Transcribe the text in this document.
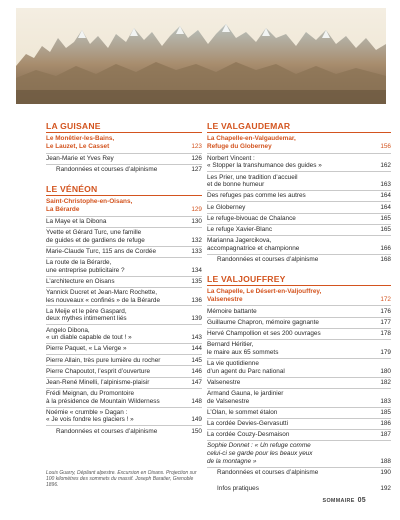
LA GUISANE
Le Monêtier-les-Bains,
Le Lauzet, Le Casset	123
Jean-Marie et Yves Rey	126
Randonnées et courses d’alpinisme	127
LE VÉNÉON
Saint-Christophe-en-Oisans,
La Bérarde	129
La Maye et la Dibona	130
Yvette et Gérard Turc, une famille
de guides et de gardiens de refuge	132
Marie-Claude Turc, 115 ans de Cordée	133
La route de la Bérarde,
une entreprise publicitaire ?	134
L’architecture en Oisans	135
Yannick Ducret et Jean-Marc Rochette,
les nouveaux « confinés » de la Bérarde	136
La Meije et le père Gaspard,
deux mythes intimement liés	139
Angelo Dibona,
« un diable capable de tout ! »	143
Pierre Paquet, « La Vierge »	144
Pierre Allain, très pure lumière du rocher	145
Pierre Chapoutot, l’esprit d’ouverture	146
Jean-René Minelli, l’alpinisme-plaisir	147
Frédi Meignan, du Promontoire
à la présidence de Mountain Wilderness	148
Noémie « crumble » Dagan :
« Je vois fondre les glaciers ! »	149
Randonnées et courses d’alpinisme	150
Louis Guarry, Dépliant alpestre. Excursion en Oisans. Projection sur 100 kilomètres des sommets du massif. Joseph Baratier, Grenoble 1896.
LE VALGAUDEMAR
La Chapelle-en-Valgaudemar,
Refuge du Globerney	156
Norbert Vincent :
« Stopper la transhumance des guides »	162
Les Prier, une tradition d’accueil
et de bonne humeur	163
Des refuges pas comme les autres	164
Le Globerney	164
Le refuge-bivouac de Chalance	165
Le refuge Xavier-Blanc	165
Marianna Jagercikova,
accompagnatrice et championne	166
Randonnées et courses d’alpinisme	168
LE VALJOUFFREY
La Chapelle, Le Désert-en-Valjouffrey,
Valsenestre	172
Mémoire battante	176
Guillaume Chapron, mémoire gagnante	177
Hervé Champollion et ses 200 ouvrages	178
Bernard Héritier,
le maire aux 65 sommets	179
La vie quotidienne
d’un agent du Parc national	180
Valsenestre	182
Armand Gauna, le jardinier
de Valsenestre	183
L’Olan, le sommet étalon	185
La cordée Devies-Gervasutti	186
La cordée Couzy-Desmaison	187
Sophie Donnet : « Un refuge comme
celui-ci se garde pour les beaux yeux
de la montagne »	188
Randonnées et courses d’alpinisme	190
Infos pratiques	192
SOMMAIRE 05
